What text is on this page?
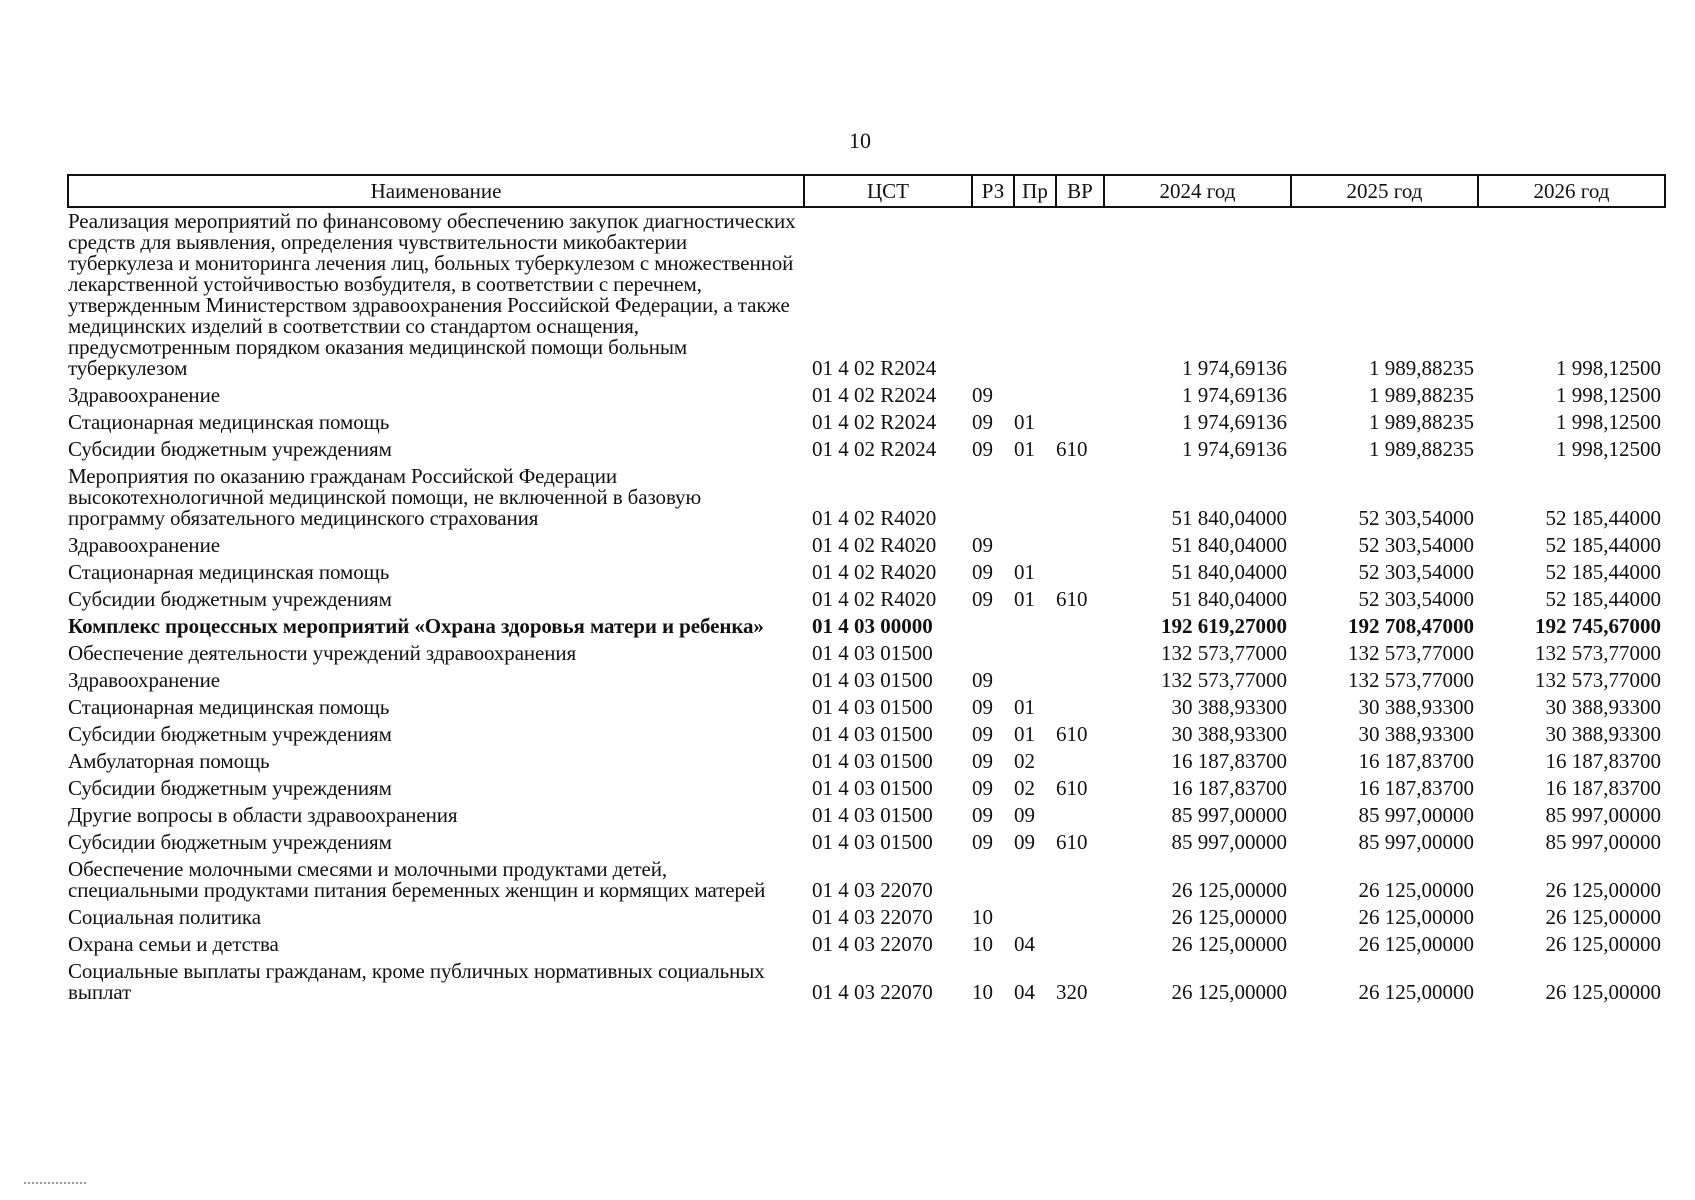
10
Наименование	ЦСТ	РЗ	Пр	ВР	2024 год	2025 год	2026 год
Реализация мероприятий по финансовому обеспечению закупок диагностических средств для выявления, определения чувствительности микобактерии туберкулеза и мониторинга лечения лиц, больных туберкулезом с множественной лекарственной устойчивостью возбудителя, в соответствии с перечнем, утвержденным Министерством здравоохранения Российской Федерации, а также медицинских изделий в соответствии со стандартом оснащения, предусмотренным порядком оказания медицинской помощи больным туберкулезом	01 4 02 R2024				1 974,69136	1 989,88235	1 998,12500
Здравоохранение	01 4 02 R2024	09			1 974,69136	1 989,88235	1 998,12500
Стационарная медицинская помощь	01 4 02 R2024	09	01		1 974,69136	1 989,88235	1 998,12500
Субсидии бюджетным учреждениям	01 4 02 R2024	09	01	610	1 974,69136	1 989,88235	1 998,12500
Мероприятия по оказанию гражданам Российской Федерации высокотехнологичной медицинской помощи, не включенной в базовую программу обязательного медицинского страхования	01 4 02 R4020				51 840,04000	52 303,54000	52 185,44000
Здравоохранение	01 4 02 R4020	09			51 840,04000	52 303,54000	52 185,44000
Стационарная медицинская помощь	01 4 02 R4020	09	01		51 840,04000	52 303,54000	52 185,44000
Субсидии бюджетным учреждениям	01 4 02 R4020	09	01	610	51 840,04000	52 303,54000	52 185,44000
Комплекс процессных мероприятий «Охрана здоровья матери и ребенка»	01 4 03 00000				192 619,27000	192 708,47000	192 745,67000
Обеспечение деятельности учреждений здравоохранения	01 4 03 01500				132 573,77000	132 573,77000	132 573,77000
Здравоохранение	01 4 03 01500	09			132 573,77000	132 573,77000	132 573,77000
Стационарная медицинская помощь	01 4 03 01500	09	01		30 388,93300	30 388,93300	30 388,93300
Субсидии бюджетным учреждениям	01 4 03 01500	09	01	610	30 388,93300	30 388,93300	30 388,93300
Амбулаторная помощь	01 4 03 01500	09	02		16 187,83700	16 187,83700	16 187,83700
Субсидии бюджетным учреждениям	01 4 03 01500	09	02	610	16 187,83700	16 187,83700	16 187,83700
Другие вопросы в области здравоохранения	01 4 03 01500	09	09		85 997,00000	85 997,00000	85 997,00000
Субсидии бюджетным учреждениям	01 4 03 01500	09	09	610	85 997,00000	85 997,00000	85 997,00000
Обеспечение молочными смесями и молочными продуктами детей, специальными продуктами питания беременных женщин и кормящих матерей	01 4 03 22070				26 125,00000	26 125,00000	26 125,00000
Социальная политика	01 4 03 22070	10			26 125,00000	26 125,00000	26 125,00000
Охрана семьи и детства	01 4 03 22070	10	04		26 125,00000	26 125,00000	26 125,00000
Социальные выплаты гражданам, кроме публичных нормативных социальных выплат	01 4 03 22070	10	04	320	26 125,00000	26 125,00000	26 125,00000
